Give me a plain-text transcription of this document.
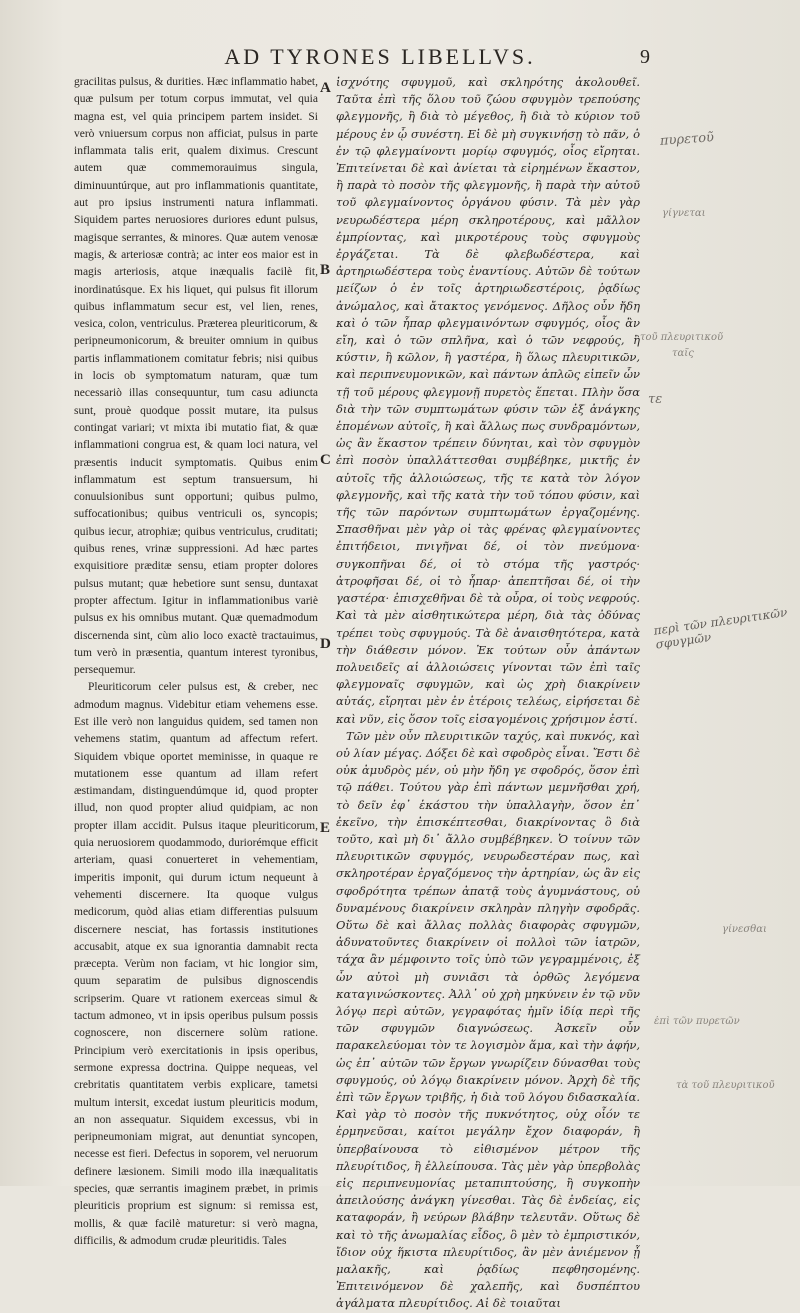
AD TYRONES LIBELLVS.	9

gracilitas pulsus, & durities. Hæc inflammatio habet, quæ pulsum per totum corpus immutat, vel quia magna est, vel quia principem partem insidet. Si verò vniuersum corpus non afficiat, pulsus in parte inflammata talis erit, qualem diximus. Crescunt autem quæ commemorauimus singula, diminuuntúrque, aut pro inflammationis quantitate, aut pro ipsius instrumenti natura inflammati. Siquidem partes neruosiores duriores edunt pulsus, magisque serrantes, & minores. Quæ autem venosæ magis, & arteriosæ contrà; ac inter eos maior est in magis arteriosis, atque inæqualis facilè fit, inordinatúsque. Ex his liquet, qui pulsus fit illorum quibus inflammatum secur est, vel lien, renes, vesica, colon, ventriculus. Præterea pleuriticorum, & peripneumonicorum, & breuiter omnium in quibus partis inflammationem comitatur febris; nisi quibus in locis ob symptomatum naturam, quæ tum necessariò illas consequuntur, tum casu adiuncta sunt, prouè quodque possit mutare, ita pulsus contingat variari; vt mixta ibi mutatio fiat, & quæ inflammationi congrua est, & quam loci natura, vel præsentis inducit symptomatis. Quibus enim inflammatum est septum transuersum, hi conuulsionibus sunt opportuni; quibus pulmo, suffocationibus; quibus ventriculi os, syncopis; quibus iecur, atrophiæ; quibus ventriculus, cruditati; quibus renes, vrinæ suppressioni. Ad hæc partes exquisitiore præditæ sensu, etiam propter dolores pulsus mutant; quæ hebetiore sunt sensu, duntaxat propter affectum. Igitur in inflammationibus variè pulsus ex his omnibus mutant. Quæ quemadmodum discernenda sint, cùm alio loco exactè tractauimus, tum verò in præsentia, quantum interest tyronibus, persequemur.

Pleuriticorum celer pulsus est, & creber, nec admodum magnus. Videbitur etiam vehemens esse. Est ille verò non languidus quidem, sed tamen non vehemens statim, quantum ad affectum refert. Siquidem vbique oportet meminisse, in quaque re mutationem esse quantum ad illam refert æstimandam, distinguendúmque id, quod propter illud, non quod propter aliud quidpiam, ac non propter illam accidit. Pulsus itaque pleuriticorum, quia neruosiorem quodammodo, duriorémque efficit arteriam, quasi conuerteret in vehementiam, imperitis imponit, qui durum ictum nequeunt à vehementi discernere. Ita quoque vulgus medicorum, quòd alias etiam differentias pulsuum discernere nesciat, has fortassis institutiones accusabit, atque ex sua ignorantia damnabit recta præcepta. Verùm non faciam, vt hic longior sim, quum separatim de pulsibus dignoscendis scripserim. Quare vt rationem exerceas simul & tactum admoneo, vt in ipsis operibus pulsum possis cognoscere, non discernere solùm ratione. Principium verò exercitationis in ipsis operibus, sermone expressa doctrina. Quippe nequeas, vel crebritatis quantitatem verbis explicare, tametsi multum intersit, excedat iustum pleuriticis modum, an non assequatur. Siquidem excessus, vbi in peripneumoniam migrat, aut denuntiat syncopen, necesse est fieri. Defectus in soporem, vel neruorum definere læsionem. Simili modo illa inæqualitatis species, quæ serrantis imaginem præbet, in primis pleuriticis proprium est signum: si remissa est, mollis, & quæ facilè maturetur: si verò magna, difficilis, & admodum crudæ pleuritidis. Tales

A
B
C
D
E

ἰσχνότης σφυγμοῦ, καὶ σκληρότης ἀκολουθεῖ. Ταῦτα ἐπὶ τῆς ὅλου τοῦ ζώου σφυγμὸν τρεπούσης φλεγμονῆς, ἢ διὰ τὸ μέγεθος, ἢ διὰ τὸ κύριον τοῦ μέρους ἐν ᾧ συνέστη. Εἰ δὲ μὴ συγκινήσῃ τὸ πᾶν, ὁ ἐν τῷ φλεγμαίνοντι μορίῳ σφυγμός, οἷος εἴρηται. Ἐπιτείνεται δὲ καὶ ἀνίεται τὰ εἰρημένων ἕκαστον, ἢ παρὰ τὸ ποσὸν τῆς φλεγμονῆς, ἢ παρὰ τὴν αὐτοῦ τοῦ φλεγμαίνοντος ὀργάνου φύσιν. Τὰ μὲν γὰρ νευρωδέστερα μέρη σκληροτέρους, καὶ μᾶλλον ἐμπρίοντας, καὶ μικροτέρους τοὺς σφυγμοὺς ἐργάζεται. Τὰ δὲ φλεβωδέστερα, καὶ ἀρτηριωδέστερα τοὺς ἐναντίους. Αὐτῶν δὲ τούτων μείζων ὁ ἐν τοῖς ἀρτηριωδεστέροις, ῥᾳδίως ἀνώμαλος, καὶ ἄτακτος γενόμενος. Δῆλος οὖν ἤδη καὶ ὁ τῶν ἧπαρ φλεγμαινόντων σφυγμός, οἷος ἂν εἴη, καὶ ὁ τῶν σπλῆνα, καὶ ὁ τῶν νεφρούς, ἢ κύστιν, ἢ κῶλον, ἢ γαστέρα, ἢ ὅλως πλευριτικῶν, καὶ περιπνευμονικῶν, καὶ πάντων ἁπλῶς εἰπεῖν ὧν τῇ τοῦ μέρους φλεγμονῇ πυρετὸς ἕπεται. Πλὴν ὅσα διὰ τὴν τῶν συμπτωμάτων φύσιν τῶν ἐξ ἀνάγκης ἑπομένων αὐτοῖς, ἢ καὶ ἄλλως πως συνδραμόντων, ὡς ἂν ἕκαστον τρέπειν δύνηται, καὶ τὸν σφυγμὸν ἐπὶ ποσὸν ὑπαλλάττεσθαι συμβέβηκε, μικτῆς ἐν αὐτοῖς τῆς ἀλλοιώσεως, τῆς τε κατὰ τὸν λόγον φλεγμονῆς, καὶ τῆς κατὰ τὴν τοῦ τόπου φύσιν, καὶ τῆς τῶν παρόντων συμπτωμάτων ἐργαζομένης. Σπασθῆναι μὲν γὰρ οἱ τὰς φρένας φλεγμαίνοντες ἐπιτήδειοι, πνιγῆναι δέ, οἱ τὸν πνεύμονα· συγκοπῆναι δέ, οἱ τὸ στόμα τῆς γαστρός· ἀτροφῆσαι δέ, οἱ τὸ ἧπαρ· ἀπεπτῆσαι δέ, οἱ τὴν γαστέρα· ἐπισχεθῆναι δὲ τὰ οὖρα, οἱ τοὺς νεφρούς. Καὶ τὰ μὲν αἰσθητικώτερα μέρη, διὰ τὰς ὀδύνας τρέπει τοὺς σφυγμούς. Τὰ δὲ ἀναισθητότερα, κατὰ τὴν διάθεσιν μόνον. Ἐκ τούτων οὖν ἁπάντων πολυειδεῖς αἱ ἀλλοιώσεις γίνονται τῶν ἐπὶ ταῖς φλεγμοναῖς σφυγμῶν, καὶ ὡς χρὴ διακρίνειν αὐτάς, εἴρηται μὲν ἐν ἑτέροις τελέως, εἰρήσεται δὲ καὶ νῦν, εἰς ὅσον τοῖς εἰσαγομένοις χρήσιμον ἐστί.

Τῶν μὲν οὖν πλευριτικῶν ταχύς, καὶ πυκνός, καὶ οὐ λίαν μέγας. Δόξει δὲ καὶ σφοδρὸς εἶναι. Ἔστι δὲ οὐκ ἀμυδρὸς μέν, οὐ μὴν ἤδη γε σφοδρός, ὅσον ἐπὶ τῷ πάθει. Τούτου γὰρ ἐπὶ πάντων μεμνῆσθαι χρή, τὸ δεῖν ἐφ᾽ ἑκάστου τὴν ὑπαλλαγὴν, ὅσον ἐπ᾽ ἐκεῖνο, τὴν ἐπισκέπτεσθαι, διακρίνοντας ὃ διὰ τοῦτο, καὶ μὴ δι᾽ ἄλλο συμβέβηκεν. Ὁ τοίνυν τῶν πλευριτικῶν σφυγμός, νευρωδεστέραν πως, καὶ σκληροτέραν ἐργαζόμενος τὴν ἀρτηρίαν, ὡς ἂν εἰς σφοδρότητα τρέπων ἀπατᾷ τοὺς ἀγυμνάστους, οὐ δυναμένους διακρίνειν σκληρὰν πληγὴν σφοδρᾶς. Οὕτω δὲ καὶ ἄλλας πολλὰς διαφορὰς σφυγμῶν, ἀδυνατοῦντες διακρίνειν οἱ πολλοὶ τῶν ἰατρῶν, τάχα ἂν μέμφοιντο τοῖς ὑπὸ τῶν γεγραμμένοις, ἐξ ὧν αὐτοὶ μὴ συνιᾶσι τὰ ὀρθῶς λεγόμενα καταγινώσκοντες. Ἀλλ᾽ οὐ χρὴ μηκύνειν ἐν τῷ νῦν λόγῳ περὶ αὐτῶν, γεγραφότας ἡμῖν ἰδίᾳ περὶ τῆς τῶν σφυγμῶν διαγνώσεως. Ἀσκεῖν οὖν παρακελεύομαι τὸν τε λογισμὸν ἅμα, καὶ τὴν ἁφήν, ὡς ἐπ᾽ αὐτῶν τῶν ἔργων γνωρίζειν δύνασθαι τοὺς σφυγμούς, οὐ λόγῳ διακρίνειν μόνον. Ἀρχὴ δὲ τῆς ἐπὶ τῶν ἔργων τριβῆς, ἡ διὰ τοῦ λόγου διδασκαλία. Καὶ γὰρ τὸ ποσὸν τῆς πυκνότητος, οὐχ οἷόν τε ἑρμηνεῦσαι, καίτοι μεγάλην ἔχον διαφοράν, ἢ ὑπερβαίνουσα τὸ εἰθισμένον μέτρον τῆς πλευρίτιδος, ἢ ἐλλείπουσα. Τὰς μὲν γὰρ ὑπερβολὰς εἰς περιπνευμονίας μεταπιπτούσης, ἢ συγκοπὴν ἀπειλούσης ἀνάγκη γίνεσθαι. Τὰς δὲ ἐνδείας, εἰς καταφοράν, ἢ νεύρων βλάβην τελευτᾶν. Οὕτως δὲ καὶ τὸ τῆς ἀνωμαλίας εἶδος, ὃ μὲν τὸ ἐμπριστικόν, ἴδιον οὐχ ἥκιστα πλευρίτιδος, ἂν μὲν ἀνιέμενον ᾖ μαλακῆς, καὶ ῥᾳδίως πεφθησομένης. Ἐπιτεινόμενον δὲ χαλεπῆς, καὶ δυσπέπτου ἀγάλματα πλευρίτιδος. Αἱ δὲ τοιαῦται

πυρετοῦ
γίγνεται
τοῦ πλευριτικοῦ
ταῖς
τε
περὶ τῶν πλευριτικῶν σφυγμῶν
γίνεσθαι
ἐπὶ τῶν πυρετῶν
τὰ τοῦ πλευριτικοῦ
